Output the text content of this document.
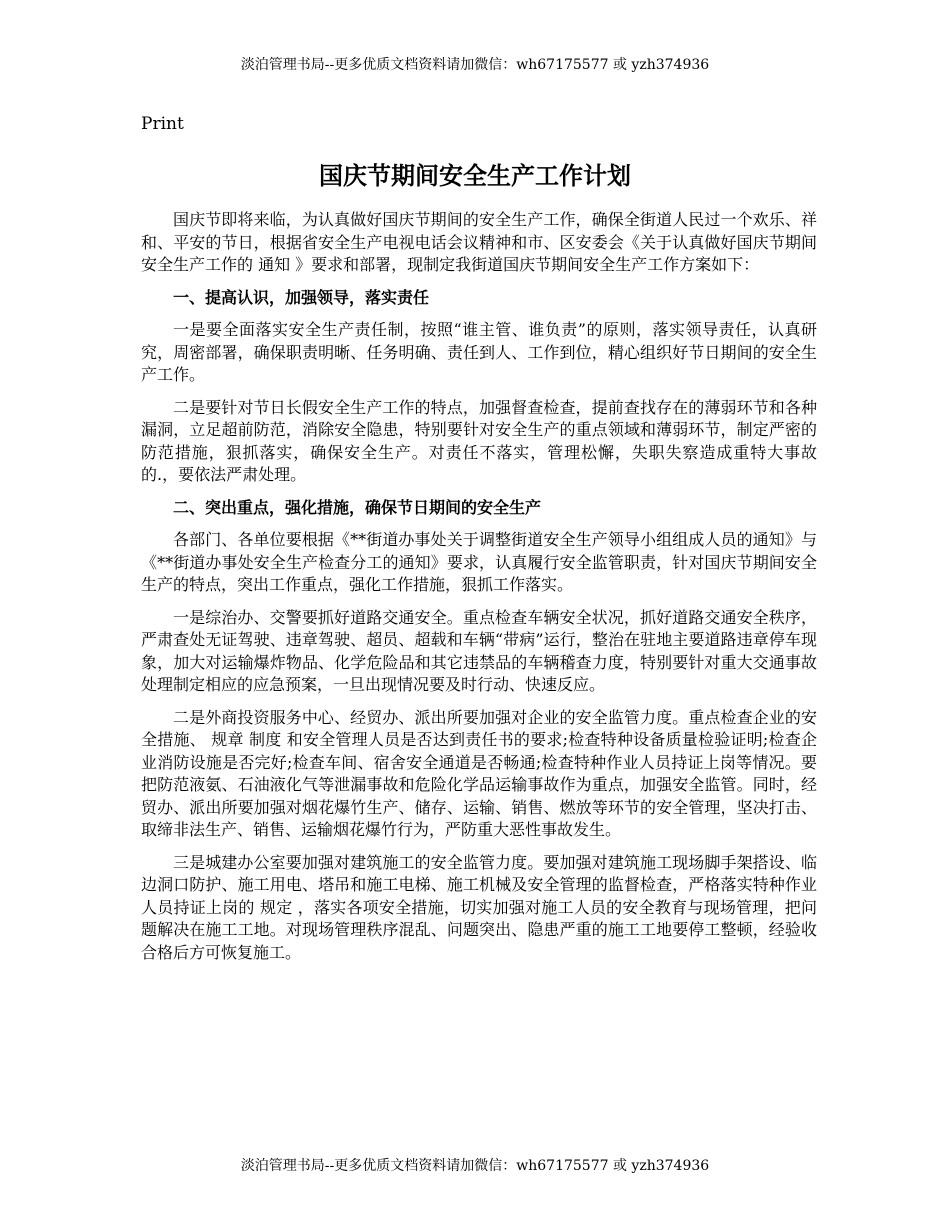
淡泊管理书局--更多优质文档资料请加微信：wh67175577 或 yzh374936
Print
国庆节期间安全生产工作计划

国庆节即将来临，为认真做好国庆节期间的安全生产工作，确保全街道人民过一个欢乐、祥和、平安的节日，根据省安全生产电视电话会议精神和市、区安委会《关于认真做好国庆节期间安全生产工作的 通知 》要求和部署，现制定我街道国庆节期间安全生产工作方案如下：

一、提高认识，加强领导，落实责任

一是要全面落实安全生产责任制，按照“谁主管、谁负责”的原则，落实领导责任，认真研究，周密部署，确保职责明晰、任务明确、责任到人、工作到位，精心组织好节日期间的安全生产工作。

二是要针对节日长假安全生产工作的特点，加强督查检查，提前查找存在的薄弱环节和各种漏洞，立足超前防范，消除安全隐患，特别要针对安全生产的重点领域和薄弱环节，制定严密的防范措施，狠抓落实，确保安全生产。对责任不落实，管理松懈，失职失察造成重特大事故的.，要依法严肃处理。

二、突出重点，强化措施，确保节日期间的安全生产

各部门、各单位要根据《**街道办事处关于调整街道安全生产领导小组组成人员的通知》与《**街道办事处安全生产检查分工的通知》要求，认真履行安全监管职责，针对国庆节期间安全生产的特点，突出工作重点，强化工作措施，狠抓工作落实。

一是综治办、交警要抓好道路交通安全。重点检查车辆安全状况，抓好道路交通安全秩序，严肃查处无证驾驶、违章驾驶、超员、超载和车辆“带病”运行，整治在驻地主要道路违章停车现象，加大对运输爆炸物品、化学危险品和其它违禁品的车辆稽查力度，特别要针对重大交通事故处理制定相应的应急预案，一旦出现情况要及时行动、快速反应。

二是外商投资服务中心、经贸办、派出所要加强对企业的安全监管力度。重点检查企业的安全措施、 规章 制度 和安全管理人员是否达到责任书的要求;检查特种设备质量检验证明;检查企业消防设施是否完好;检查车间、宿舍安全通道是否畅通;检查特种作业人员持证上岗等情况。要把防范液氨、石油液化气等泄漏事故和危险化学品运输事故作为重点，加强安全监管。同时，经贸办、派出所要加强对烟花爆竹生产、储存、运输、销售、燃放等环节的安全管理，坚决打击、取缔非法生产、销售、运输烟花爆竹行为，严防重大恶性事故发生。

三是城建办公室要加强对建筑施工的安全监管力度。要加强对建筑施工现场脚手架搭设、临边洞口防护、施工用电、塔吊和施工电梯、施工机械及安全管理的监督检查，严格落实特种作业人员持证上岗的 规定 ，落实各项安全措施，切实加强对施工人员的安全教育与现场管理，把问题解决在施工工地。对现场管理秩序混乱、问题突出、隐患严重的施工工地要停工整顿，经验收合格后方可恢复施工。

淡泊管理书局--更多优质文档资料请加微信：wh67175577 或 yzh374936
